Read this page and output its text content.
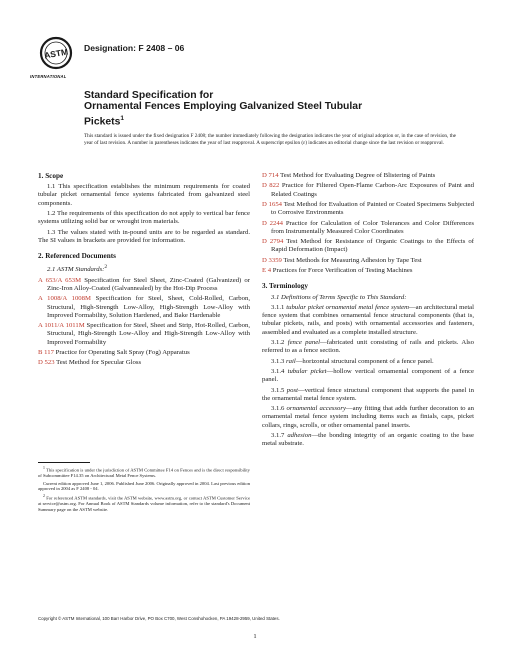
ASTM
INTERNATIONAL
Designation: F 2408 – 06
Standard Specification for
Ornamental Fences Employing Galvanized Steel Tubular
Pickets$^1$
This standard is issued under the fixed designation F 2408; the number immediately following the designation indicates the year of original adoption or, in the case of revision, the year of last revision. A number in parentheses indicates the year of last reapproval. A superscript epsilon (ε) indicates an editorial change since the last revision or reapproval.
1. Scope

1.1 This specification establishes the minimum requirements for coated tubular picket ornamental fence systems fabricated from galvanized steel components.

1.2 The requirements of this specification do not apply to vertical bar fence systems utilizing solid bar or wrought iron materials.

1.3 The values stated with in-pound units are to be regarded as standard. The SI values in brackets are provided for information.

2. Referenced Documents

2.1 ASTM Standards:$^2$

A 653/A 653M Specification for Steel Sheet, Zinc-Coated (Galvanized) or Zinc-Iron Alloy-Coated (Galvannealed) by the Hot-Dip Process

A 1008/A 1008M Specification for Steel, Sheet, Cold-Rolled, Carbon, Structural, High-Strength Low-Alloy, High-Strength Low-Alloy with Improved Formability, Solution Hardened, and Bake Hardenable

A 1011/A 1011M Specification for Steel, Sheet and Strip, Hot-Rolled, Carbon, Structural, High-Strength Low-Alloy and High-Strength Low-Alloy with Improved Formability

B 117 Practice for Operating Salt Spray (Fog) Apparatus

D 523 Test Method for Specular Gloss

D 714 Test Method for Evaluating Degree of Blistering of Paints

D 822 Practice for Filtered Open-Flame Carbon-Arc Exposures of Paint and Related Coatings

D 1654 Test Method for Evaluation of Painted or Coated Specimens Subjected to Corrosive Environments

D 2244 Practice for Calculation of Color Tolerances and Color Differences from Instrumentally Measured Color Coordinates

D 2794 Test Method for Resistance of Organic Coatings to the Effects of Rapid Deformation (Impact)

D 3359 Test Methods for Measuring Adhesion by Tape Test

E 4 Practices for Force Verification of Testing Machines

3. Terminology

3.1 Definitions of Terms Specific to This Standard:

3.1.1 tubular picket ornamental metal fence system—an architectural metal fence system that combines ornamental fence structural components (that is, tubular pickets, rails, and posts) with ornamental accessories and fasteners, assembled and evaluated as a complete installed structure.

3.1.2 fence panel—fabricated unit consisting of rails and pickets. Also referred to as a fence section.

3.1.3 rail—horizontal structural component of a fence panel.

3.1.4 tubular picket—hollow vertical ornamental component of a fence panel.

3.1.5 post—vertical fence structural component that supports the panel in the ornamental metal fence system.

3.1.6 ornamental accessory—any fitting that adds further decoration to an ornamental metal fence system including items such as finials, caps, picket collars, rings, scrolls, or other ornamental panel inserts.

3.1.7 adhesion—the bonding integrity of an organic coating to the base metal substrate.

$^1$ This specification is under the jurisdiction of ASTM Committee F14 on Fences and is the direct responsibility of Subcommittee F14.35 on Architectural Metal Fence Systems.

Current edition approved June 1, 2006. Published June 2006. Originally approved in 2004. Last previous edition approved in 2004 as F 2408 - 04.

$^2$ For referenced ASTM standards, visit the ASTM website, www.astm.org, or contact ASTM Customer Service at service@astm.org. For Annual Book of ASTM Standards volume information, refer to the standard's Document Summary page on the ASTM website.

Copyright © ASTM International, 100 Barr Harbor Drive, PO Box C700, West Conshohocken, PA 19428-2959, United States.
1
